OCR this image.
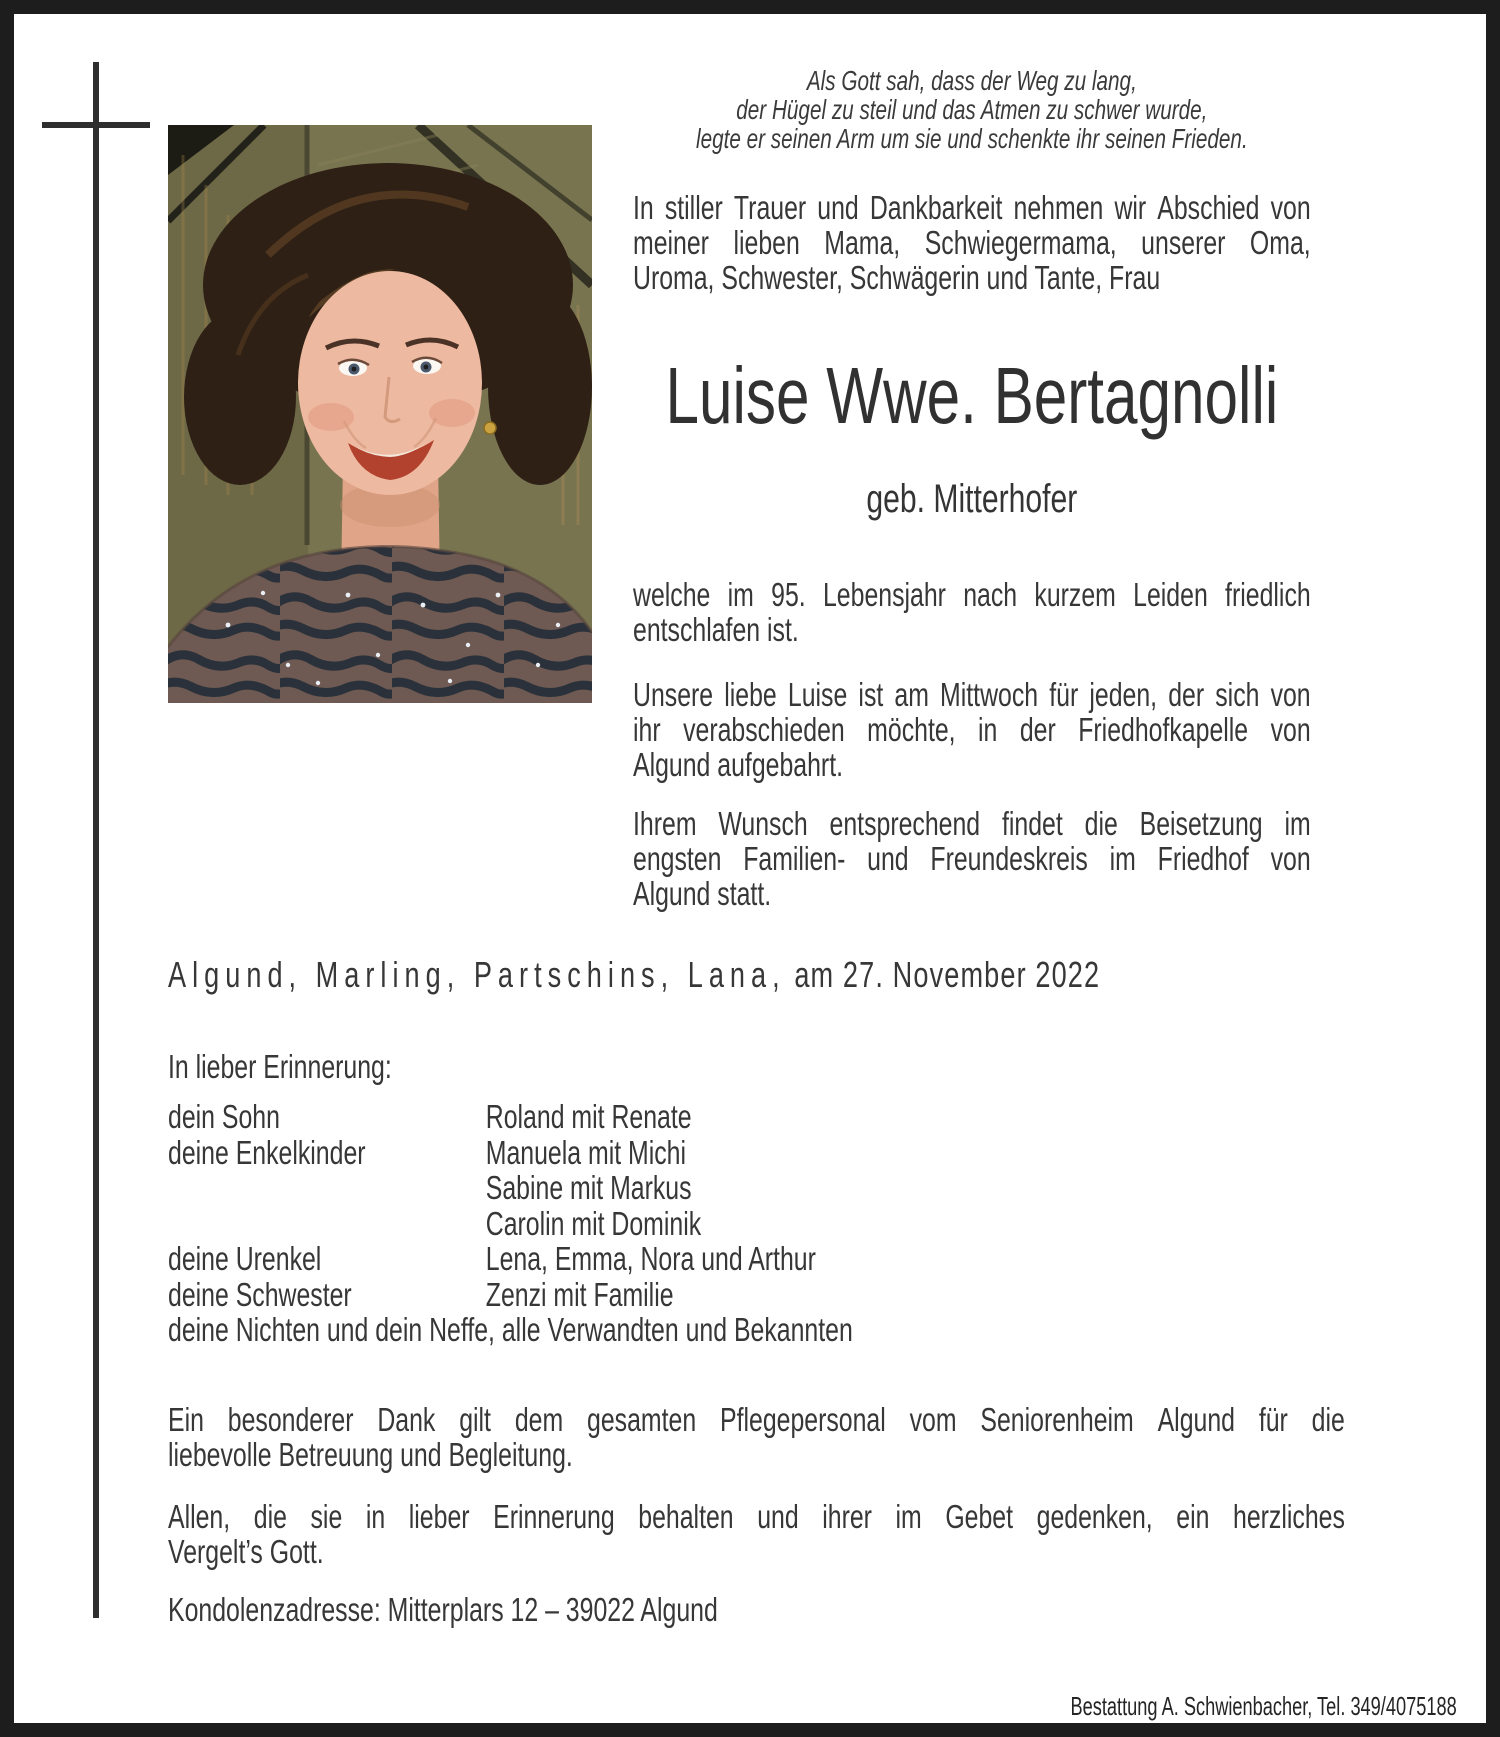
Als Gott sah, dass der Weg zu lang,
der Hügel zu steil und das Atmen zu schwer wurde,
legte er seinen Arm um sie und schenkte ihr seinen Frieden.
In stiller Trauer und Dankbarkeit nehmen wir Abschied von
meiner lieben Mama, Schwiegermama, unserer Oma,
Uroma, Schwester, Schwägerin und Tante, Frau
Luise Wwe. Bertagnolli
geb. Mitterhofer
welche im 95. Lebensjahr nach kurzem Leiden friedlich
entschlafen ist.
Unsere liebe Luise ist am Mittwoch für jeden, der sich von
ihr verabschieden möchte, in der Friedhofkapelle von
Algund aufgebahrt.
Ihrem Wunsch entsprechend findet die Beisetzung im
engsten Familien- und Freundeskreis im Friedhof von
Algund statt.
Algund, Marling, Partschins, Lana, am 27. November 2022
In lieber Erinnerung:
dein Sohn	Roland mit Renate
deine Enkelkinder	Manuela mit Michi
Sabine mit Markus
Carolin mit Dominik
deine Urenkel	Lena, Emma, Nora und Arthur
deine Schwester	Zenzi mit Familie
deine Nichten und dein Neffe, alle Verwandten und Bekannten
Ein besonderer Dank gilt dem gesamten Pflegepersonal vom Seniorenheim Algund für die
liebevolle Betreuung und Begleitung.
Allen, die sie in lieber Erinnerung behalten und ihrer im Gebet gedenken, ein herzliches
Vergelt’s Gott.
Kondolenzadresse: Mitterplars 12 – 39022 Algund
Bestattung A. Schwienbacher, Tel. 349/4075188
